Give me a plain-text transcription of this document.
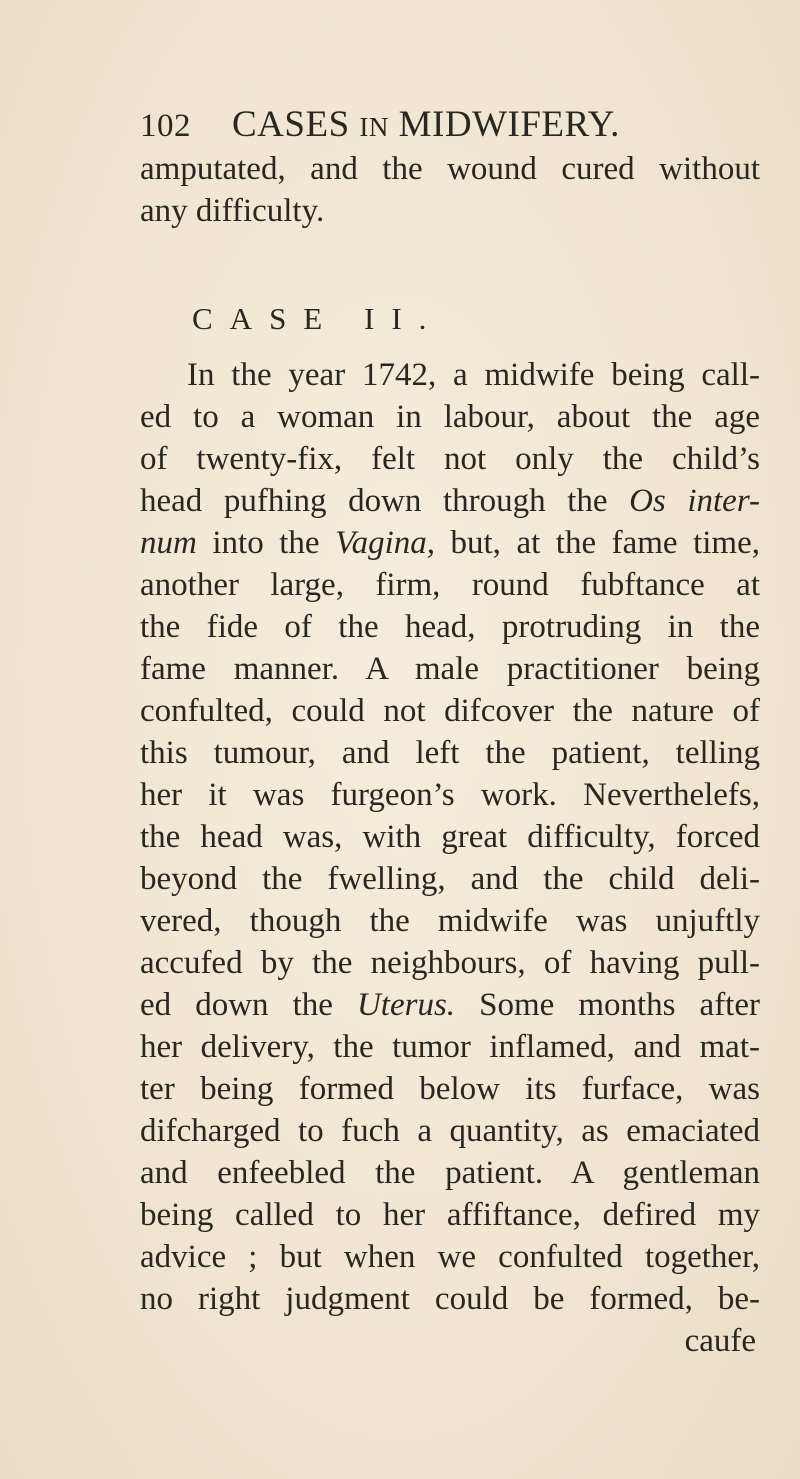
102 CASES IN MIDWIFERY.
amputated, and the wound cured without
any difficulty.
CASE II.
In the year 1742, a midwife being call-
ed to a woman in labour, about the age
of twenty-fix, felt not only the child’s
head pufhing down through the Os inter-
num into the Vagina, but, at the fame time,
another large, firm, round fubftance at
the fide of the head, protruding in the
fame manner. A male practitioner being
confulted, could not difcover the nature of
this tumour, and left the patient, telling
her it was furgeon’s work. Neverthelefs,
the head was, with great difficulty, forced
beyond the fwelling, and the child deli-
vered, though the midwife was unjuftly
accufed by the neighbours, of having pull-
ed down the Uterus. Some months after
her delivery, the tumor inflamed, and mat-
ter being formed below its furface, was
difcharged to fuch a quantity, as emaciated
and enfeebled the patient. A gentleman
being called to her affiftance, defired my
advice ; but when we confulted together,
no right judgment could be formed, be-
caufe
